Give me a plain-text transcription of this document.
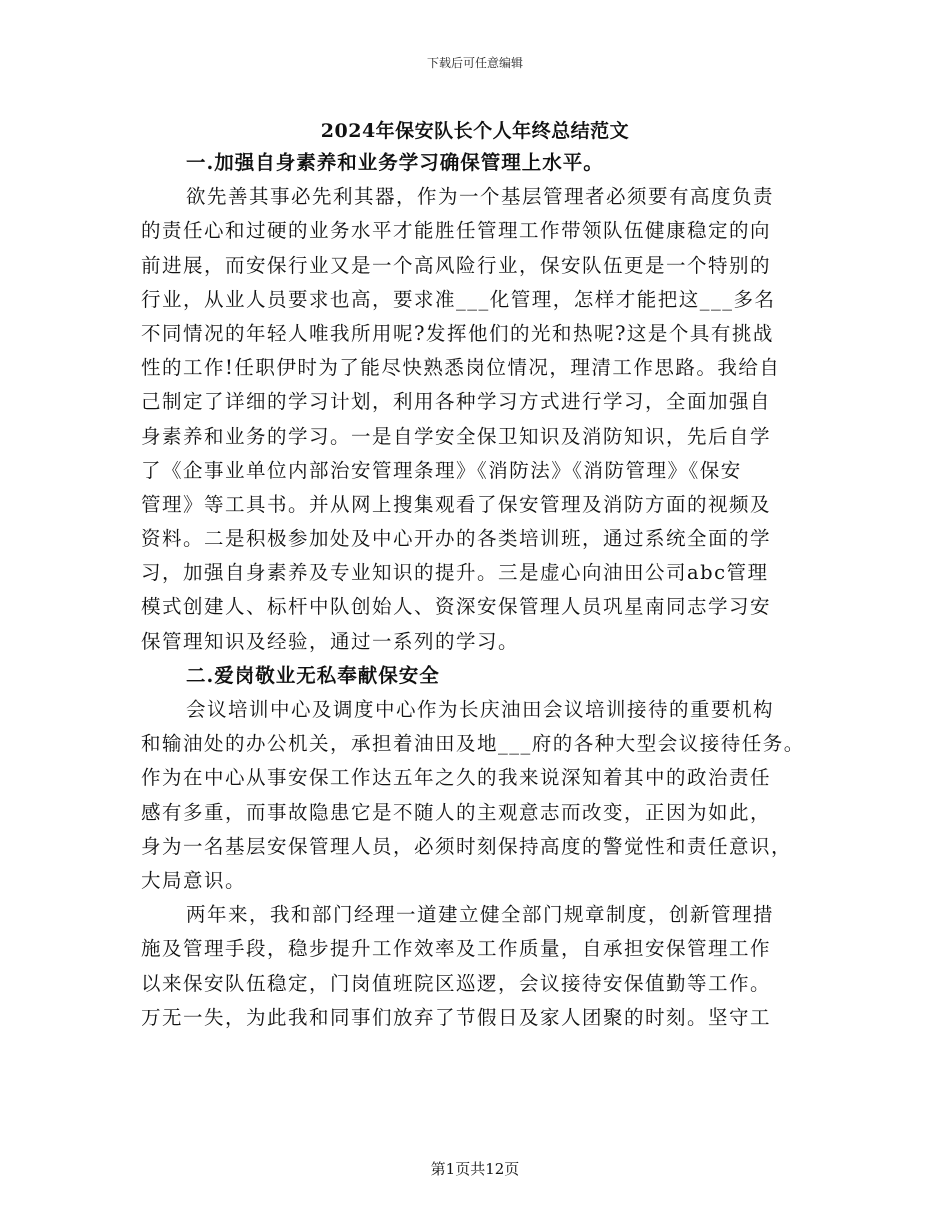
下载后可任意编辑
2024年保安队长个人年终总结范文
一.加强自身素养和业务学习确保管理上水平。
欲先善其事必先利其器，作为一个基层管理者必须要有高度负责
的责任心和过硬的业务水平才能胜任管理工作带领队伍健康稳定的向
前进展，而安保行业又是一个高风险行业，保安队伍更是一个特别的
行业，从业人员要求也高，要求准___化管理，怎样才能把这___多名
不同情况的年轻人唯我所用呢?发挥他们的光和热呢?这是个具有挑战
性的工作!任职伊时为了能尽快熟悉岗位情况，理清工作思路。我给自
己制定了详细的学习计划，利用各种学习方式进行学习，全面加强自
身素养和业务的学习。一是自学安全保卫知识及消防知识，先后自学
了《企事业单位内部治安管理条理》《消防法》《消防管理》《保安
管理》等工具书。并从网上搜集观看了保安管理及消防方面的视频及
资料。二是积极参加处及中心开办的各类培训班，通过系统全面的学
习，加强自身素养及专业知识的提升。三是虚心向油田公司abc管理
模式创建人、标杆中队创始人、资深安保管理人员巩星南同志学习安
保管理知识及经验，通过一系列的学习。
二.爱岗敬业无私奉献保安全
会议培训中心及调度中心作为长庆油田会议培训接待的重要机构
和输油处的办公机关，承担着油田及地___府的各种大型会议接待任务。
作为在中心从事安保工作达五年之久的我来说深知着其中的政治责任
感有多重，而事故隐患它是不随人的主观意志而改变，正因为如此，
身为一名基层安保管理人员，必须时刻保持高度的警觉性和责任意识，
大局意识。
两年来，我和部门经理一道建立健全部门规章制度，创新管理措
施及管理手段，稳步提升工作效率及工作质量，自承担安保管理工作
以来保安队伍稳定，门岗值班院区巡逻，会议接待安保值勤等工作。
万无一失，为此我和同事们放弃了节假日及家人团聚的时刻。坚守工
第1页共12页
